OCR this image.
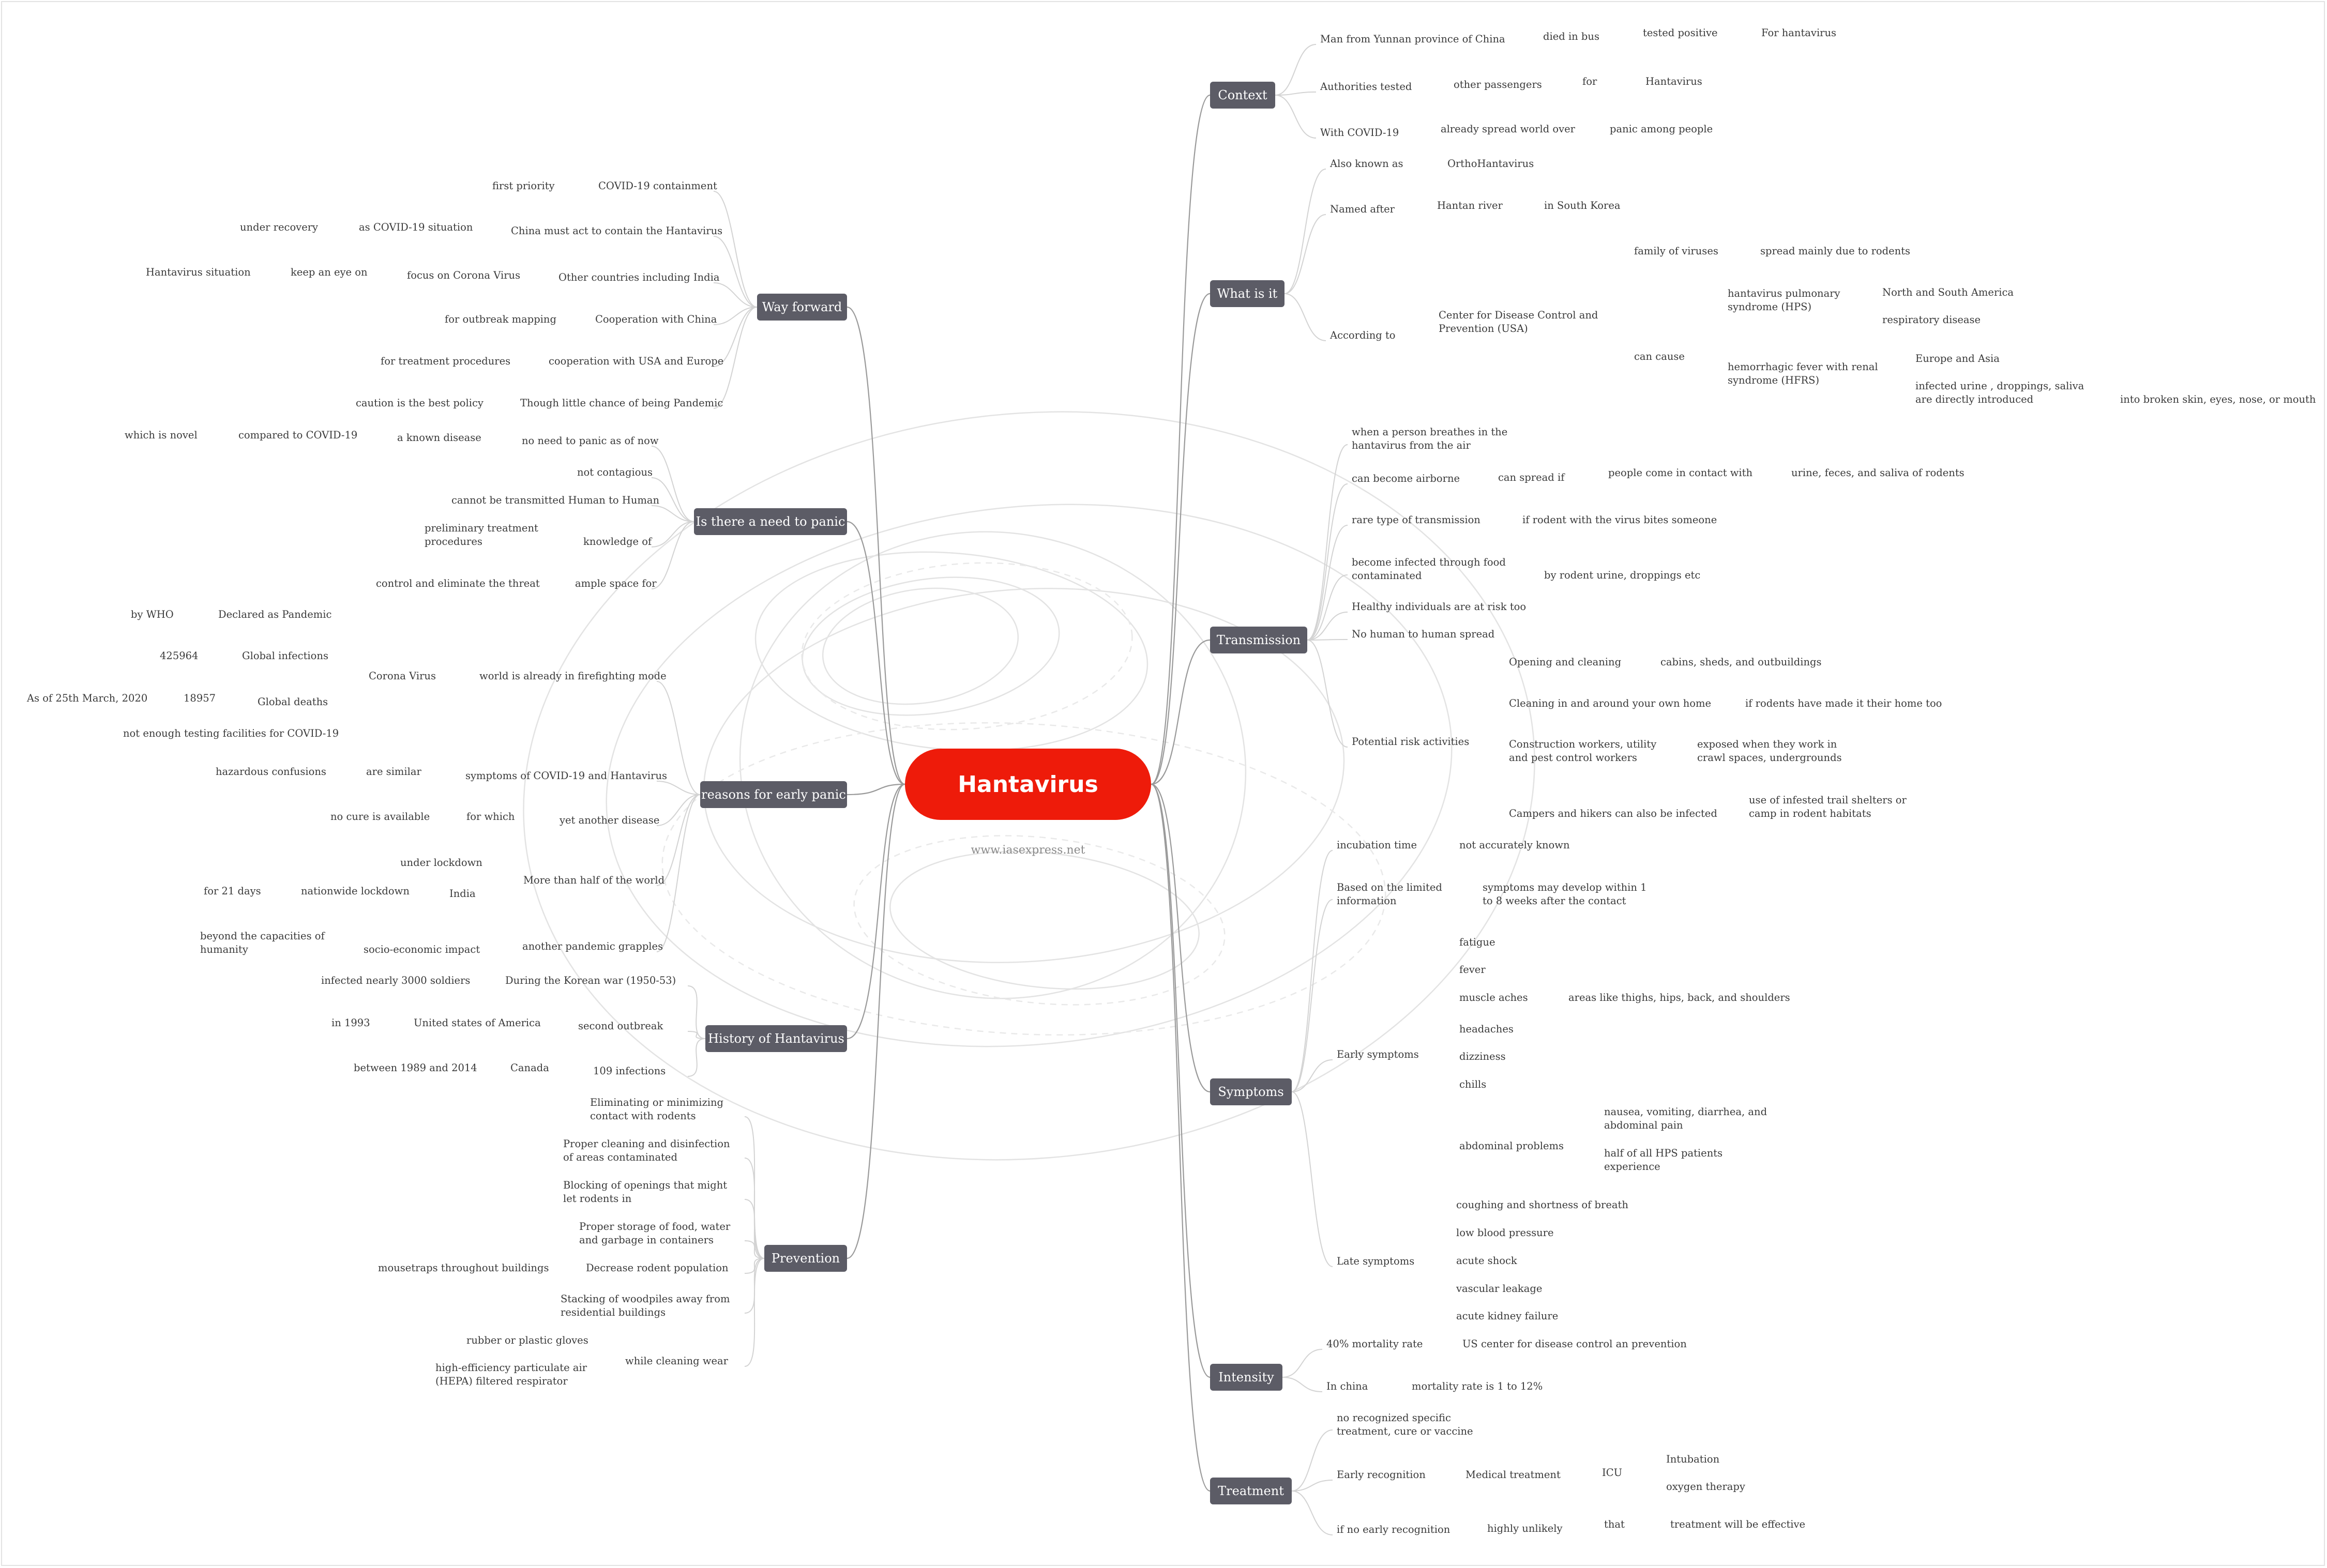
Hantavirus
www.iasexpress.net
Context
What is it
Transmission
Symptoms
Intensity
Treatment
Way forward
Is there a need to panic
reasons for early panic
History of Hantavirus
Prevention
Man from Yunnan province of China	died in bus	tested positive	For hantavirus
Authorities tested	other passengers	for	Hantavirus
With COVID-19	already spread world over	panic among people
Also known as	OrthoHantavirus
Named after	Hantan river	in South Korea
According to
Center for Disease Control and
Prevention (USA)
family of viruses	spread mainly due to rodents
can cause
hantavirus pulmonary
syndrome (HPS)
North and South America
respiratory disease
hemorrhagic fever with renal
syndrome (HFRS)
Europe and Asia
infected urine , droppings, saliva
are directly introduced	into broken skin, eyes, nose, or mouth
when a person breathes in the
hantavirus from the air
can become airborne	can spread if	people come in contact with	urine, feces, and saliva of rodents
rare type of transmission	if rodent with the virus bites someone
become infected through food
contaminated	by rodent urine, droppings etc
Healthy individuals are at risk too
No human to human spread
Potential risk activities
Opening and cleaning	cabins, sheds, and outbuildings
Cleaning in and around your own home	if rodents have made it their home too
Construction workers, utility
and pest control workers
exposed when they work in
crawl spaces, undergrounds
Campers and hikers can also be infected
use of infested trail shelters or
camp in rodent habitats
incubation time	not accurately known
Based on the limited
information
symptoms may develop within 1
to 8 weeks after the contact
Early symptoms
fatigue
fever
muscle aches	areas like thighs, hips, back, and shoulders
headaches
dizziness
chills
abdominal problems
nausea, vomiting, diarrhea, and
abdominal pain
half of all HPS patients
experience
Late symptoms
coughing and shortness of breath
low blood pressure
acute shock
vascular leakage
acute kidney failure
40% mortality rate	US center for disease control an prevention
In china	mortality rate is 1 to 12%
no recognized specific
treatment, cure or vaccine
Early recognition	Medical treatment	ICU
Intubation
oxygen therapy
if no early recognition	highly unlikely	that	treatment will be effective
COVID-19 containment
first priority
China must act to contain the Hantavirus
as COVID-19 situation
under recovery
Other countries including India
focus on Corona Virus
keep an eye on
Hantavirus situation
Cooperation with China
for outbreak mapping
cooperation with USA and Europe
for treatment procedures
Though little chance of being Pandemic
caution is the best policy
no need to panic as of now
a known disease
compared to COVID-19
which is novel
not contagious
cannot be transmitted Human to Human
knowledge of
preliminary treatment
procedures
ample space for
control and eliminate the threat
world is already in firefighting mode
Corona Virus
Declared as Pandemic
by WHO
Global infections
425964
Global deaths
18957
As of 25th March, 2020
not enough testing facilities for COVID-19
symptoms of COVID-19 and Hantavirus
are similar
hazardous confusions
yet another disease
for which
no cure is available
More than half of the world
under lockdown
India
nationwide lockdown
for 21 days
another pandemic grapples
socio-economic impact
beyond the capacities of
humanity
During the Korean war (1950-53)
infected nearly 3000 soldiers
second outbreak
United states of America
in 1993
109 infections
Canada
between 1989 and 2014
Eliminating or minimizing
contact with rodents
Proper cleaning and disinfection
of areas contaminated
Blocking of openings that might
let rodents in
Proper storage of food, water
and garbage in containers
Decrease rodent population
mousetraps throughout buildings
Stacking of woodpiles away from
residential buildings
while cleaning wear
rubber or plastic gloves
high-efficiency particulate air
(HEPA) filtered respirator
